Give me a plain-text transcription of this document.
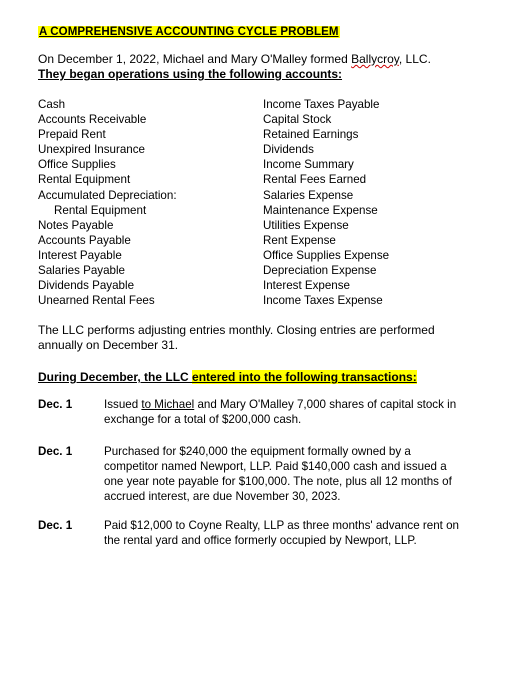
A COMPREHENSIVE ACCOUNTING CYCLE PROBLEM
On December 1, 2022, Michael and Mary O'Malley formed Ballycroy, LLC.
They began operations using the following accounts:
Cash
Accounts Receivable
Prepaid Rent
Unexpired Insurance
Office Supplies
Rental Equipment
Accumulated Depreciation:
Rental Equipment
Notes Payable
Accounts Payable
Interest Payable
Salaries Payable
Dividends Payable
Unearned Rental Fees
Income Taxes Payable
Capital Stock
Retained Earnings
Dividends
Income Summary
Rental Fees Earned
Salaries Expense
Maintenance Expense
Utilities Expense
Rent Expense
Office Supplies Expense
Depreciation Expense
Interest Expense
Income Taxes Expense
The LLC performs adjusting entries monthly. Closing entries are performed annually on December 31.
During December, the LLC entered into the following transactions:
Dec. 1	Issued to Michael and Mary O'Malley 7,000 shares of capital stock in exchange for a total of $200,000 cash.
Dec. 1	Purchased for $240,000 the equipment formally owned by a competitor named Newport, LLP. Paid $140,000 cash and issued a one year note payable for $100,000. The note, plus all 12 months of accrued interest, are due November 30, 2023.
Dec. 1	Paid $12,000 to Coyne Realty, LLP as three months' advance rent on the rental yard and office formerly occupied by Newport, LLP.
